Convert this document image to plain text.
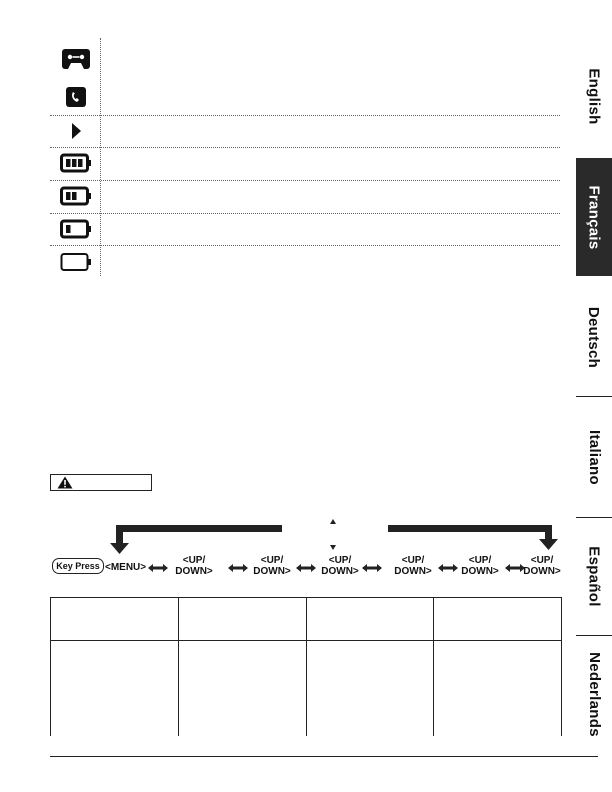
English
Français
Deutsch
Italiano
Español
Nederlands
Key Press <MENU>
<UP/
DOWN>
<UP/
DOWN>
<UP/
DOWN>
<UP/
DOWN>
<UP/
DOWN>
<UP/
DOWN>
